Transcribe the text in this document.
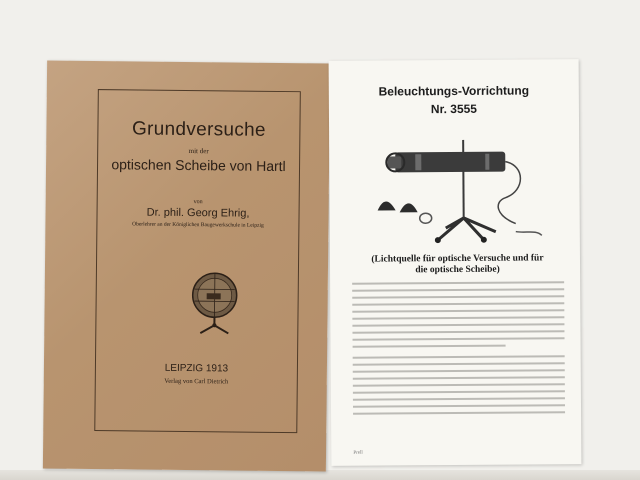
Grundversuche
mit der
optischen Scheibe von Hartl
von
Dr. phil. Georg Ehrig,
Oberlehrer an der Königlichen Baugewerkschule in Leipzig
LEIPZIG 1913
Verlag von Carl Dietrich
Beleuchtungs-Vorrichtung
Nr. 3555
(Lichtquelle für optische Versuche und für
die optische Scheibe)
Prell
